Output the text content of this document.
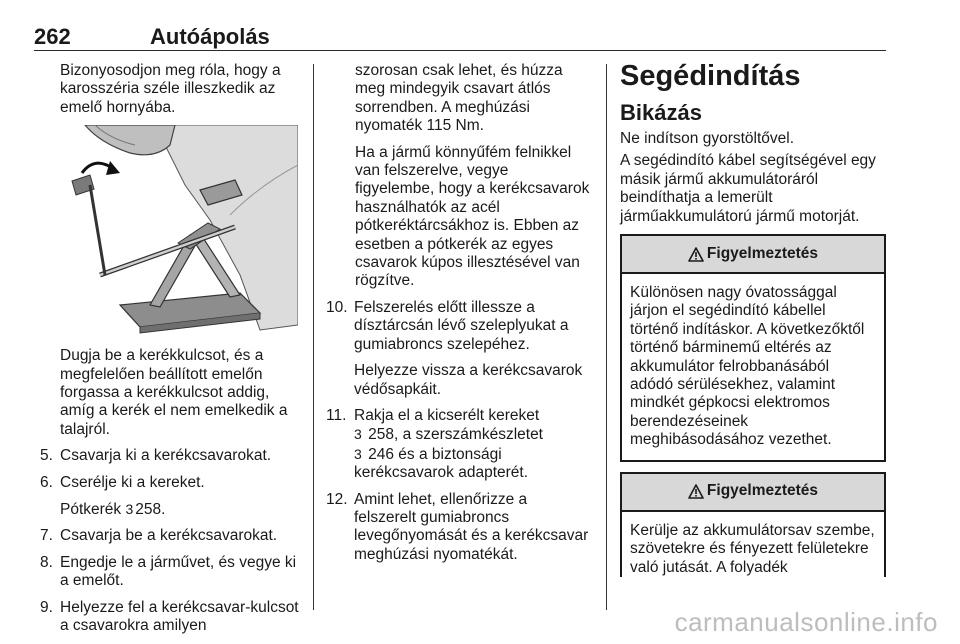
262	Autóápolás

Bizonyosodjon meg róla, hogy a karosszéria széle illeszkedik az emelő hornyába.

Dugja be a kerékkulcsot, és a megfelelően beállított emelőn forgassa a kerékkulcsot addig, amíg a kerék el nem emelkedik a talajról.

5. Csavarja ki a kerékcsavarokat.
6. Cserélje ki a kereket.

Pótkerék 3 258.

7. Csavarja be a kerékcsavarokat.
8. Engedje le a járművet, és vegye ki a emelőt.
9. Helyezze fel a kerékcsavar-kulcsot a csavarokra amilyen

szorosan csak lehet, és húzza meg mindegyik csavart átlós sorrendben. A meghúzási nyomaték 115 Nm.

Ha a jármű könnyűfém felnikkel van felszerelve, vegye figyelembe, hogy a kerékcsavarok használhatók az acél pótkeréktárcsákhoz is. Ebben az esetben a pótkerék az egyes csavarok kúpos illesztésével van rögzítve.

10. Felszerelés előtt illessze a dísztárcsán lévő szeleplyukat a gumiabroncs szelepéhez.

Helyezze vissza a kerékcsavarok védősapkáit.

11. Rakja el a kicserélt kereket
3 258, a szerszámkészletet
3 246 és a biztonsági
kerékcsavarok adapterét.
12. Amint lehet, ellenőrizze a felszerelt gumiabroncs levegőnyomását és a kerékcsavar meghúzási nyomatékát.
Segédindítás
Bikázás

Ne indítson gyorstöltővel.

A segédindító kábel segítségével egy másik jármű akkumulátoráról beindíthatja a lemerült járműakkumulátorú jármű motorját.

Figyelmeztetés
Különösen nagy óvatossággal járjon el segédindító kábellel történő indításkor. A következőktől történő bárminemű eltérés az akkumulátor felrobbanásából adódó sérülésekhez, valamint mindkét gépkocsi elektromos berendezéseinek meghibásodásához vezethet.
Figyelmeztetés
Kerülje az akkumulátorsav szembe, szövetekre és fényezett felületekre való jutását. A folyadék
carmanualsonline.info
